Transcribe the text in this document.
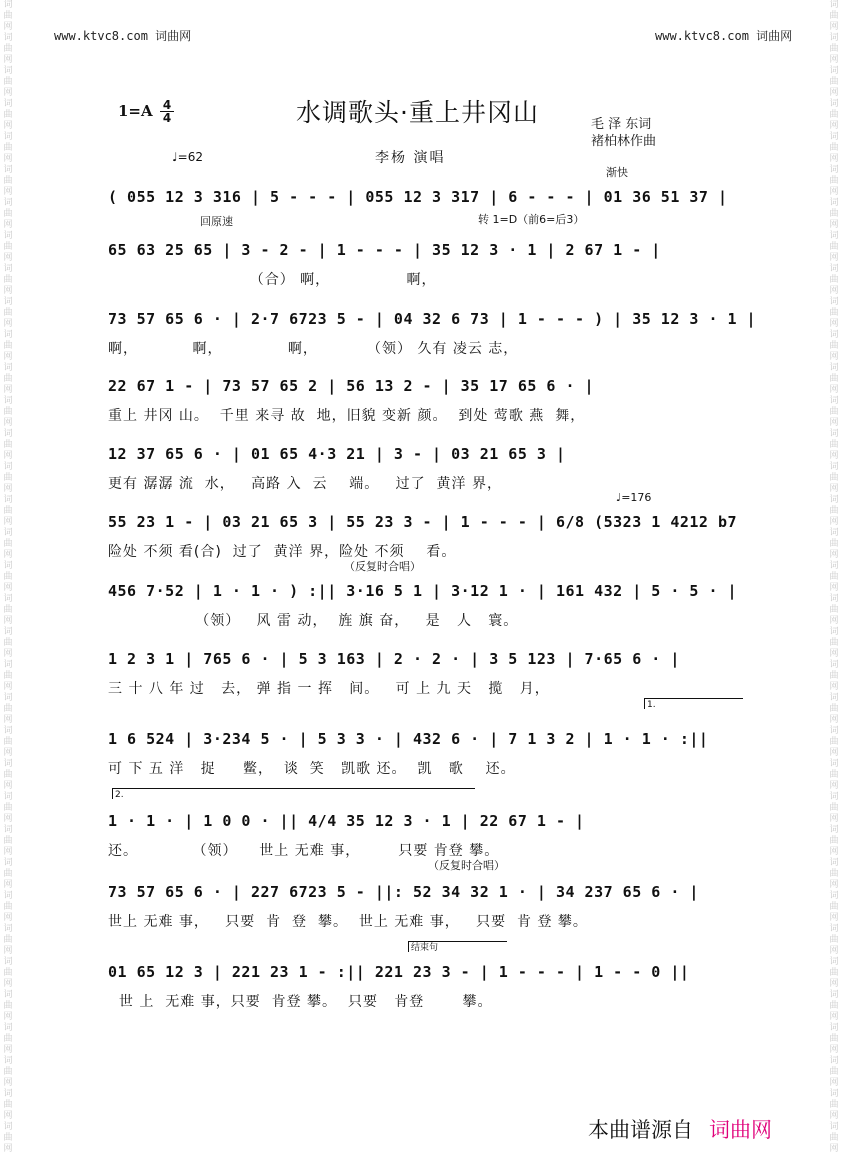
词
曲
网
词
曲
网
词
曲
网
词
曲
网
词
曲
网
词
曲
网
词
曲
网
词
曲
网
词
曲
网
词
曲
网
词
曲
网
词
曲
网
词
曲
网
词
曲
网
词
曲
网
词
曲
网
词
曲
网
词
曲
网
词
曲
网
词
曲
网
词
曲
网
词
曲
网
词
曲
网
词
曲
网
词
曲
网
词
曲
网
词
曲
网
词
曲
网
词
曲
网
词
曲
网
词
曲
网
词
曲
网
词
曲
网
词
曲
网
词
曲
网
词
曲
网
词
曲
网
词
曲
网
词
曲
网
词
曲
网
词
曲
网
词
曲
网
词
曲
网
词
曲
网
词
曲
网
词
曲
网
词
曲
网
词
曲
网
词
曲
网
词
曲
网
词
曲
网
词
曲
网
词
曲
网
词
曲
网
词
曲
网
词
曲
网
词
曲
网
词
曲
网
词
曲
网
词
曲
网
词
曲
网
词
曲
网
词
曲
网
词
曲
网
词
曲
网
词
曲
网
词
曲
网
词
曲
网
词
曲
网
词
曲
网
www.ktvc8.com 词曲网	www.ktvc8.com 词曲网
$1=A \frac{4}{4}$	水调歌头·重上井冈山	毛 泽 东词
褚柏林作曲
李杨 演唱
♩=62
( 055 12 3 316 | 5 - - - | 055 12 3 317 | 6 - - - | 01 36 51 37 |
渐快
65 63 25 65 | 3 - 2 - | 1 - - - | 35 12 3 · 1 | 2 67 1 - |
（合） 啊，              啊，
回原速	转 1=D（前6=后3）
73 57 65 6 · | 2·7 6723 5 - | 04 32 6 73 | 1 - - - ) | 35 12 3 · 1 |
啊，          啊，            啊，         （领） 久有 凌云 志，
22 67 1 - | 73 57 65 2 | 56 13 2 - | 35 17 65 6 · |
重上 井冈 山。  千里 来寻 故  地，旧貌 变新 颜。  到处 莺歌 燕  舞，
12 37 65 6 · | 01 65 4·3 21 | 3 - | 03 21 65 3 |
更有 潺潺 流  水，   高路 入  云    端。   过了  黄洋 界，
55 23 1 - | 03 21 65 3 | 55 23 3 - | 1 - - - | 6/8 (5323 1 4212 b7
险处 不须 看(合)  过了  黄洋 界，险处 不须    看。
♩=176
456 7·52 | 1 · 1 · ) :|| 3·16 5 1 | 3·12 1 · | 161 432 | 5 · 5 · |
（领）   风 雷 动，  旌 旗 奋，   是   人   寰。
（反复时合唱）
1 2 3 1 | 765 6 · | 5 3 163 | 2 · 2 · | 3 5 123 | 7·65 6 · |
三 十 八 年 过   去， 弹 指 一 挥   间。   可 上 九 天   揽   月，
1 6 524 | 3·234 5 · | 5 3 3 · | 432 6 · | 7 1 3 2 | 1 · 1 · :||
可 下 五 洋   捉     鳖，  谈  笑   凯歌 还。  凯   歌    还。
1.
1 · 1 · | 1 0 0 · || 4/4 35 12 3 · 1 | 22 67 1 - |
还。          （领）    世上 无难 事，       只要 肯登 攀。
2.
73 57 65 6 · | 227 6723 5 - ||: 52 34 32 1 · | 34 237 65 6 · |
世上 无难 事，   只要  肯  登  攀。  世上 无难 事，   只要  肯 登 攀。
（反复时合唱）
01 65 12 3 | 221 23 1 - :|| 221 23 3 - | 1 - - - | 1 - - 0 ||
世 上  无难 事，只要  肯登 攀。  只要   肯登       攀。
结束句
本曲谱源自 词曲网
